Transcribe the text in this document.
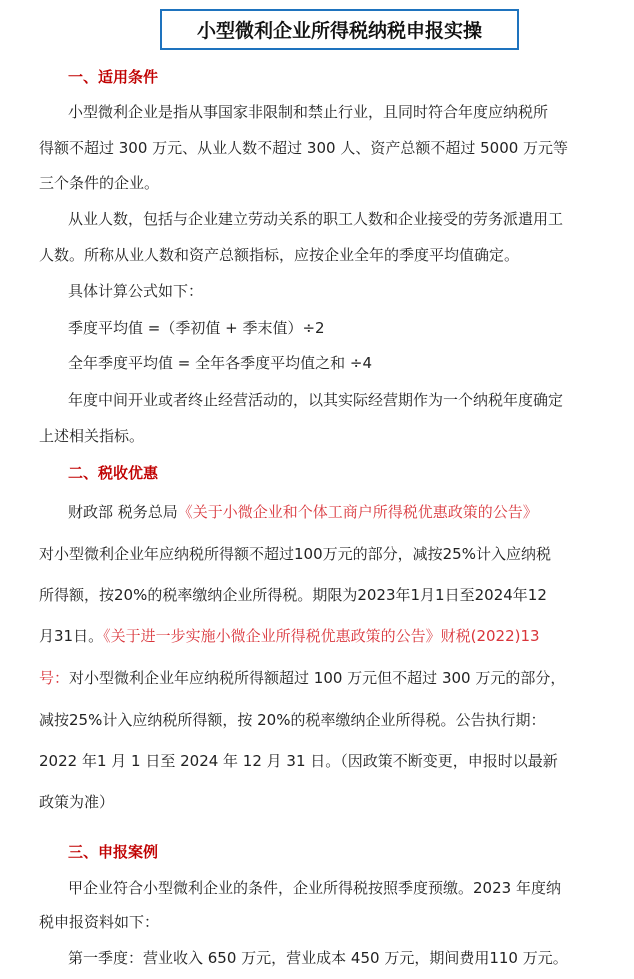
小型微利企业所得税纳税申报实操
一、适用条件
小型微利企业是指从事国家非限制和禁止行业，且同时符合年度应纳税所
得额不超过 300 万元、从业人数不超过 300 人、资产总额不超过 5000 万元等
三个条件的企业。
从业人数，包括与企业建立劳动关系的职工人数和企业接受的劳务派遣用工
人数。所称从业人数和资产总额指标，应按企业全年的季度平均值确定。
具体计算公式如下：
季度平均值 =（季初值 + 季末值）÷2
全年季度平均值 = 全年各季度平均值之和 ÷4
年度中间开业或者终止经营活动的，以其实际经营期作为一个纳税年度确定
上述相关指标。
二、税收优惠
财政部 税务总局《关于小微企业和个体工商户所得税优惠政策的公告》
对小型微利企业年应纳税所得额不超过100万元的部分，减按25%计入应纳税
所得额，按20%的税率缴纳企业所得税。期限为2023年1月1日至2024年12
月31日。《关于进一步实施小微企业所得税优惠政策的公告》财税(2022)13
号：对小型微利企业年应纳税所得额超过 100 万元但不超过 300 万元的部分，
减按25%计入应纳税所得额，按 20%的税率缴纳企业所得税。公告执行期：
2022 年1 月 1 日至 2024 年 12 月 31 日。（因政策不断变更，申报时以最新
政策为准）
三、申报案例
甲企业符合小型微利企业的条件，企业所得税按照季度预缴。2023 年度纳
税申报资料如下：
第一季度：营业收入 650 万元，营业成本 450 万元，期间费用110 万元。
